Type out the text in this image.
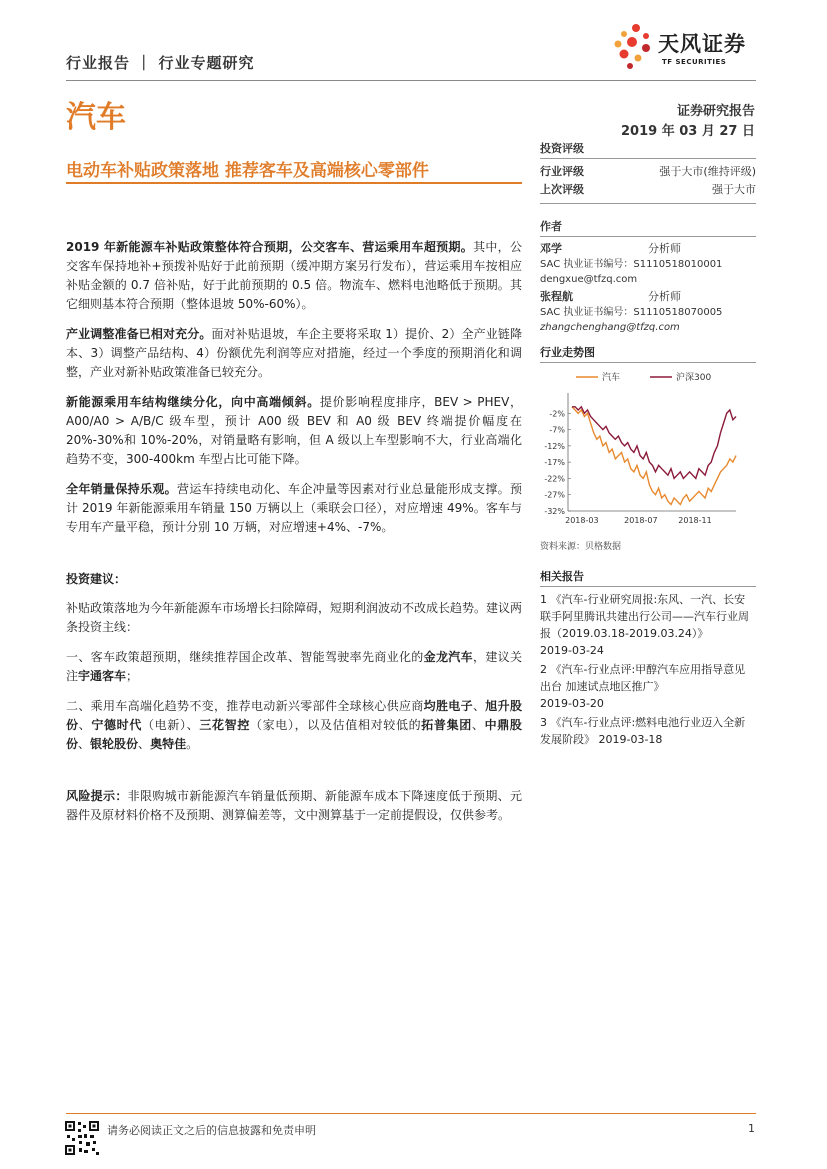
行业报告 ｜ 行业专题研究
天风证券
TF SECURITIES
汽车	证券研究报告
2019 年 03 月 27 日
电动车补贴政策落地 推荐客车及高端核心零部件

2019 年新能源车补贴政策整体符合预期，公交客车、营运乘用车超预期。其中，公交客车保持地补+预拨补贴好于此前预期（缓冲期方案另行发布），营运乘用车按相应补贴金额的 0.7 倍补贴，好于此前预期的 0.5 倍。物流车、燃料电池略低于预期。其它细则基本符合预期（整体退坡 50%-60%）。

产业调整准备已相对充分。面对补贴退坡，车企主要将采取 1）提价、2）全产业链降本、3）调整产品结构、4）份额优先利润等应对措施，经过一个季度的预期消化和调整，产业对新补贴政策准备已较充分。

新能源乘用车结构继续分化，向中高端倾斜。提价影响程度排序，BEV > PHEV，A00/A0 > A/B/C 级车型，预计 A00 级 BEV 和 A0 级 BEV 终端提价幅度在 20%-30%和 10%-20%，对销量略有影响，但 A 级以上车型影响不大，行业高端化趋势不变，300-400km 车型占比可能下降。

全年销量保持乐观。营运车持续电动化、车企冲量等因素对行业总量能形成支撑。预计 2019 年新能源乘用车销量 150 万辆以上（乘联会口径），对应增速 49%。客车与专用车产量平稳，预计分别 10 万辆，对应增速+4%、-7%。

投资建议：

补贴政策落地为今年新能源车市场增长扫除障碍，短期利润波动不改成长趋势。建议两条投资主线：

一、客车政策超预期，继续推荐国企改革、智能驾驶率先商业化的金龙汽车，建议关注宇通客车；

二、乘用车高端化趋势不变，推荐电动新兴零部件全球核心供应商均胜电子、旭升股份、宁德时代（电新）、三花智控（家电），以及估值相对较低的拓普集团、中鼎股份、银轮股份、奥特佳。

风险提示：非限购城市新能源汽车销量低预期、新能源车成本下降速度低于预期、元器件及原材料价格不及预期、测算偏差等，文中测算基于一定前提假设，仅供参考。

投资评级
行业评级	强于大市(维持评级)
上次评级	强于大市
作者
邓学	分析师
SAC 执业证书编号：S1110518010001
dengxue@tfzq.com
张程航	分析师
SAC 执业证书编号：S1110518070005
zhangchenghang@tfzq.com
行业走势图
汽车	沪深300
-2%
-7%
-12%
-17%
-22%
-27%
-32%
2018-03	2018-07	2018-11
资料来源：贝格数据
相关报告
1 《汽车-行业研究周报:东风、一汽、长安联手阿里腾讯共建出行公司——汽车行业周报（2019.03.18-2019.03.24）》
2019-03-24
2 《汽车-行业点评:甲醇汽车应用指导意见出台 加速试点地区推广》
2019-03-20
3 《汽车-行业点评:燃料电池行业迈入全新发展阶段》 2019-03-18
请务必阅读正文之后的信息披露和免责申明	1
